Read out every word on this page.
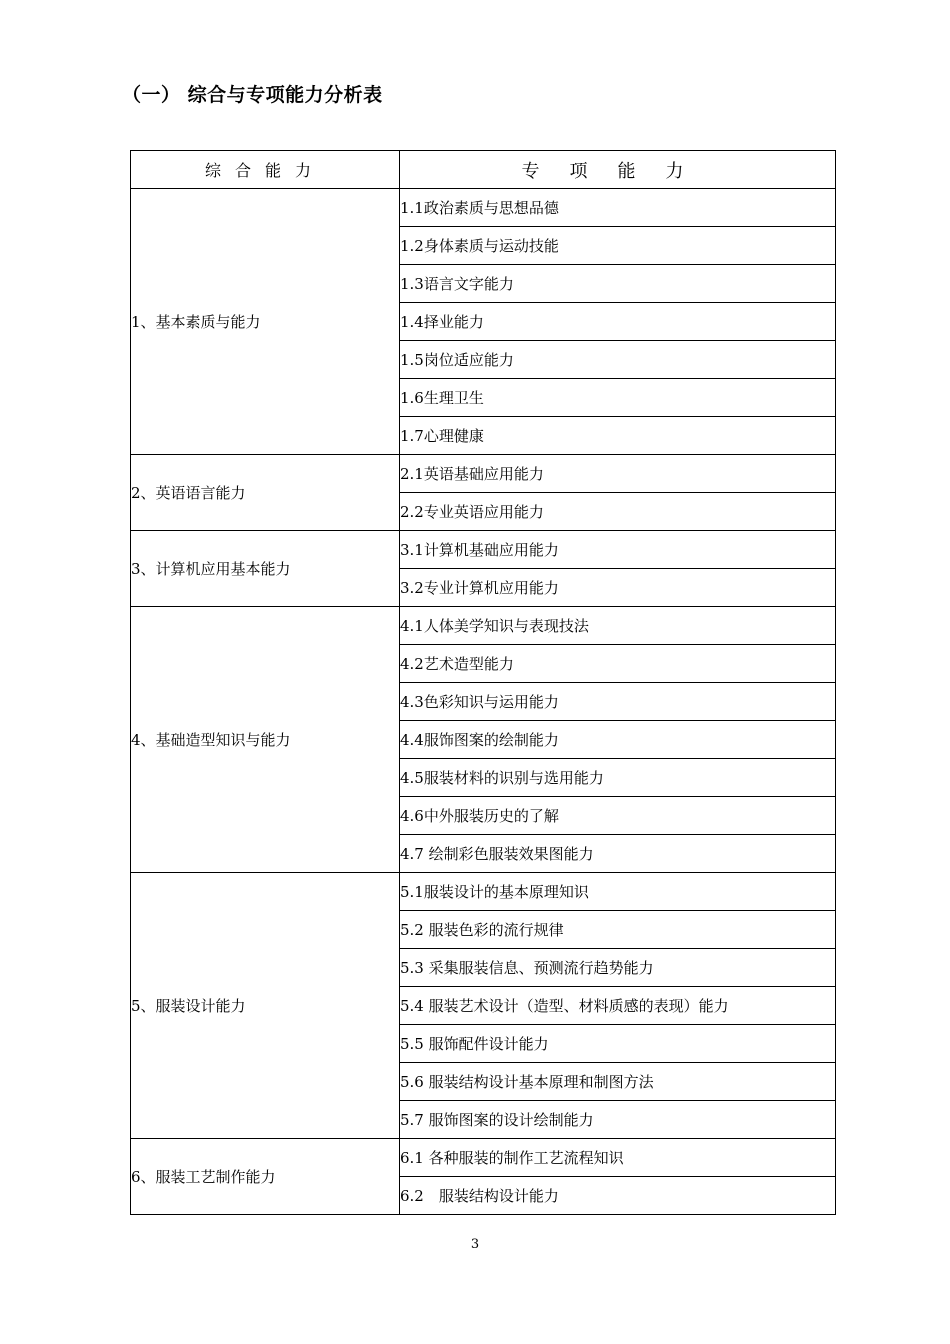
（一） 综合与专项能力分析表
综合能力	专项能力
1、基本素质与能力	1.1政治素质与思想品德
	1.2身体素质与运动技能
	1.3语言文字能力
	1.4择业能力
	1.5岗位适应能力
	1.6生理卫生
	1.7心理健康
2、英语语言能力	2.1英语基础应用能力
	2.2专业英语应用能力
3、计算机应用基本能力	3.1计算机基础应用能力
	3.2专业计算机应用能力
4、基础造型知识与能力	4.1人体美学知识与表现技法
	4.2艺术造型能力
	4.3色彩知识与运用能力
	4.4服饰图案的绘制能力
	4.5服装材料的识别与选用能力
	4.6中外服装历史的了解
	4.7 绘制彩色服装效果图能力
5、服装设计能力	5.1服装设计的基本原理知识
	5.2 服装色彩的流行规律
	5.3 采集服装信息、预测流行趋势能力
	5.4 服装艺术设计（造型、材料质感的表现）能力
	5.5 服饰配件设计能力
	5.6 服装结构设计基本原理和制图方法
	5.7 服饰图案的设计绘制能力
6、服装工艺制作能力	6.1 各种服装的制作工艺流程知识
	6.2　服装结构设计能力
3
